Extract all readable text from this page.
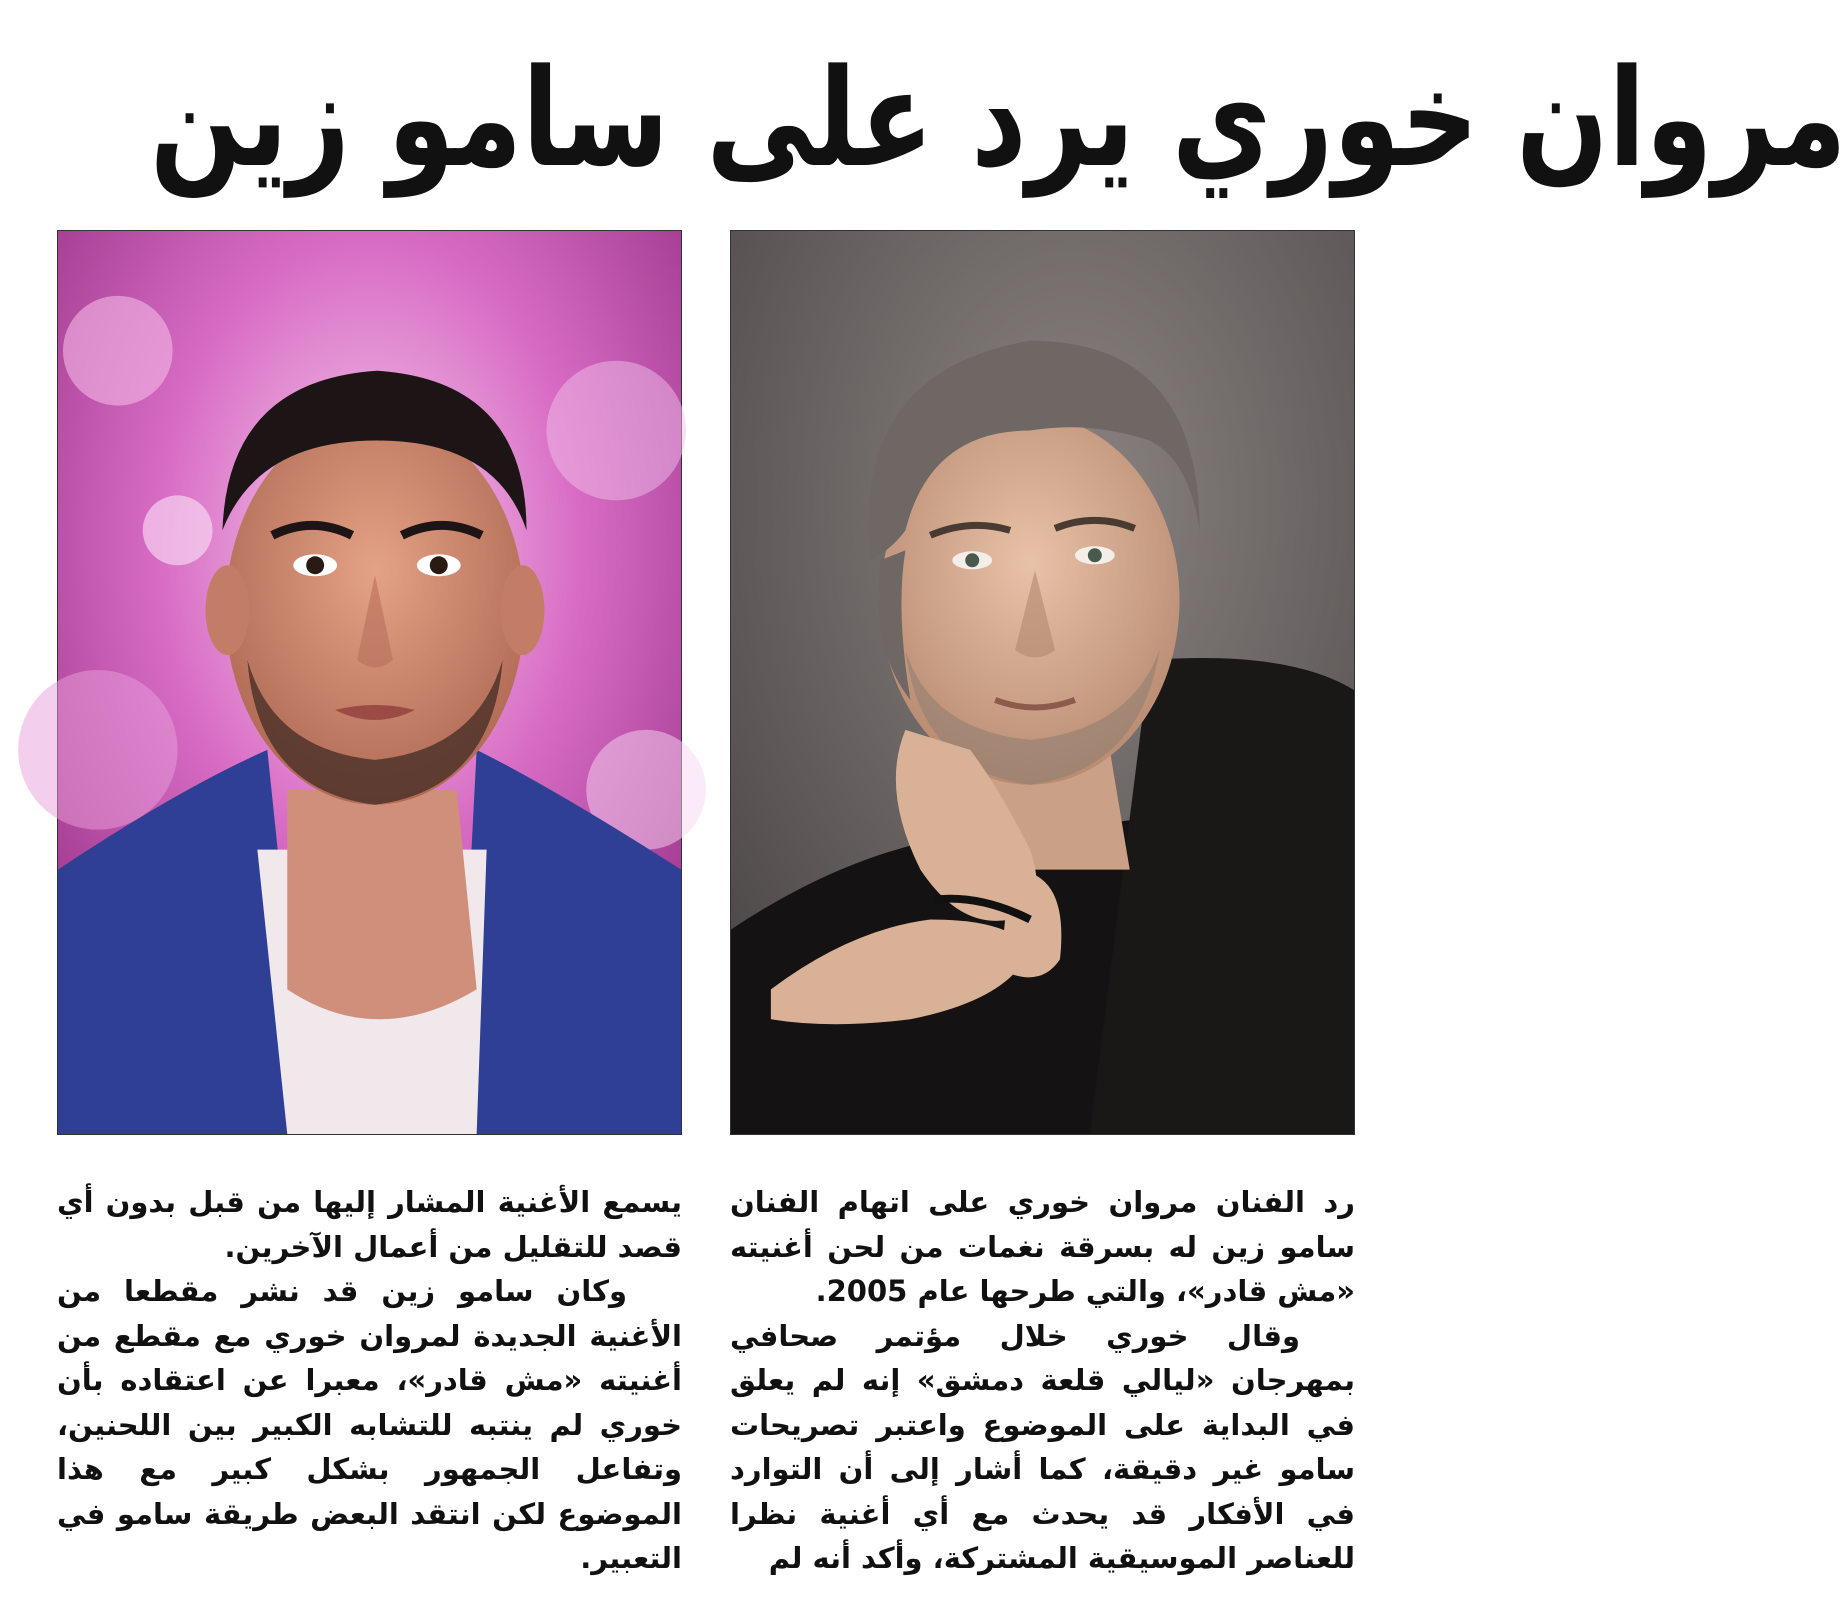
مروان خوري يرد على سامو زين

رد الفنان مروان خوري على اتهام الفنان سامو زين له بسرقة نغمات من لحن أغنيته «مش قادر»، والتي طرحها عام 2005.

وقال خوري خلال مؤتمر صحافي بمهرجان «ليالي قلعة دمشق» إنه لم يعلق في البداية على الموضوع واعتبر تصريحات سامو غير دقيقة، كما أشار إلى أن التوارد في الأفكار قد يحدث مع أي أغنية نظرا للعناصر الموسيقية المشتركة، وأكد أنه لم

يسمع الأغنية المشار إليها من قبل بدون أي قصد للتقليل من أعمال الآخرين.

وكان سامو زين قد نشر مقطعا من الأغنية الجديدة لمروان خوري مع مقطع من أغنيته «مش قادر»، معبرا عن اعتقاده بأن خوري لم ينتبه للتشابه الكبير بين اللحنين، وتفاعل الجمهور بشكل كبير مع هذا الموضوع لكن انتقد البعض طريقة سامو في التعبير.
